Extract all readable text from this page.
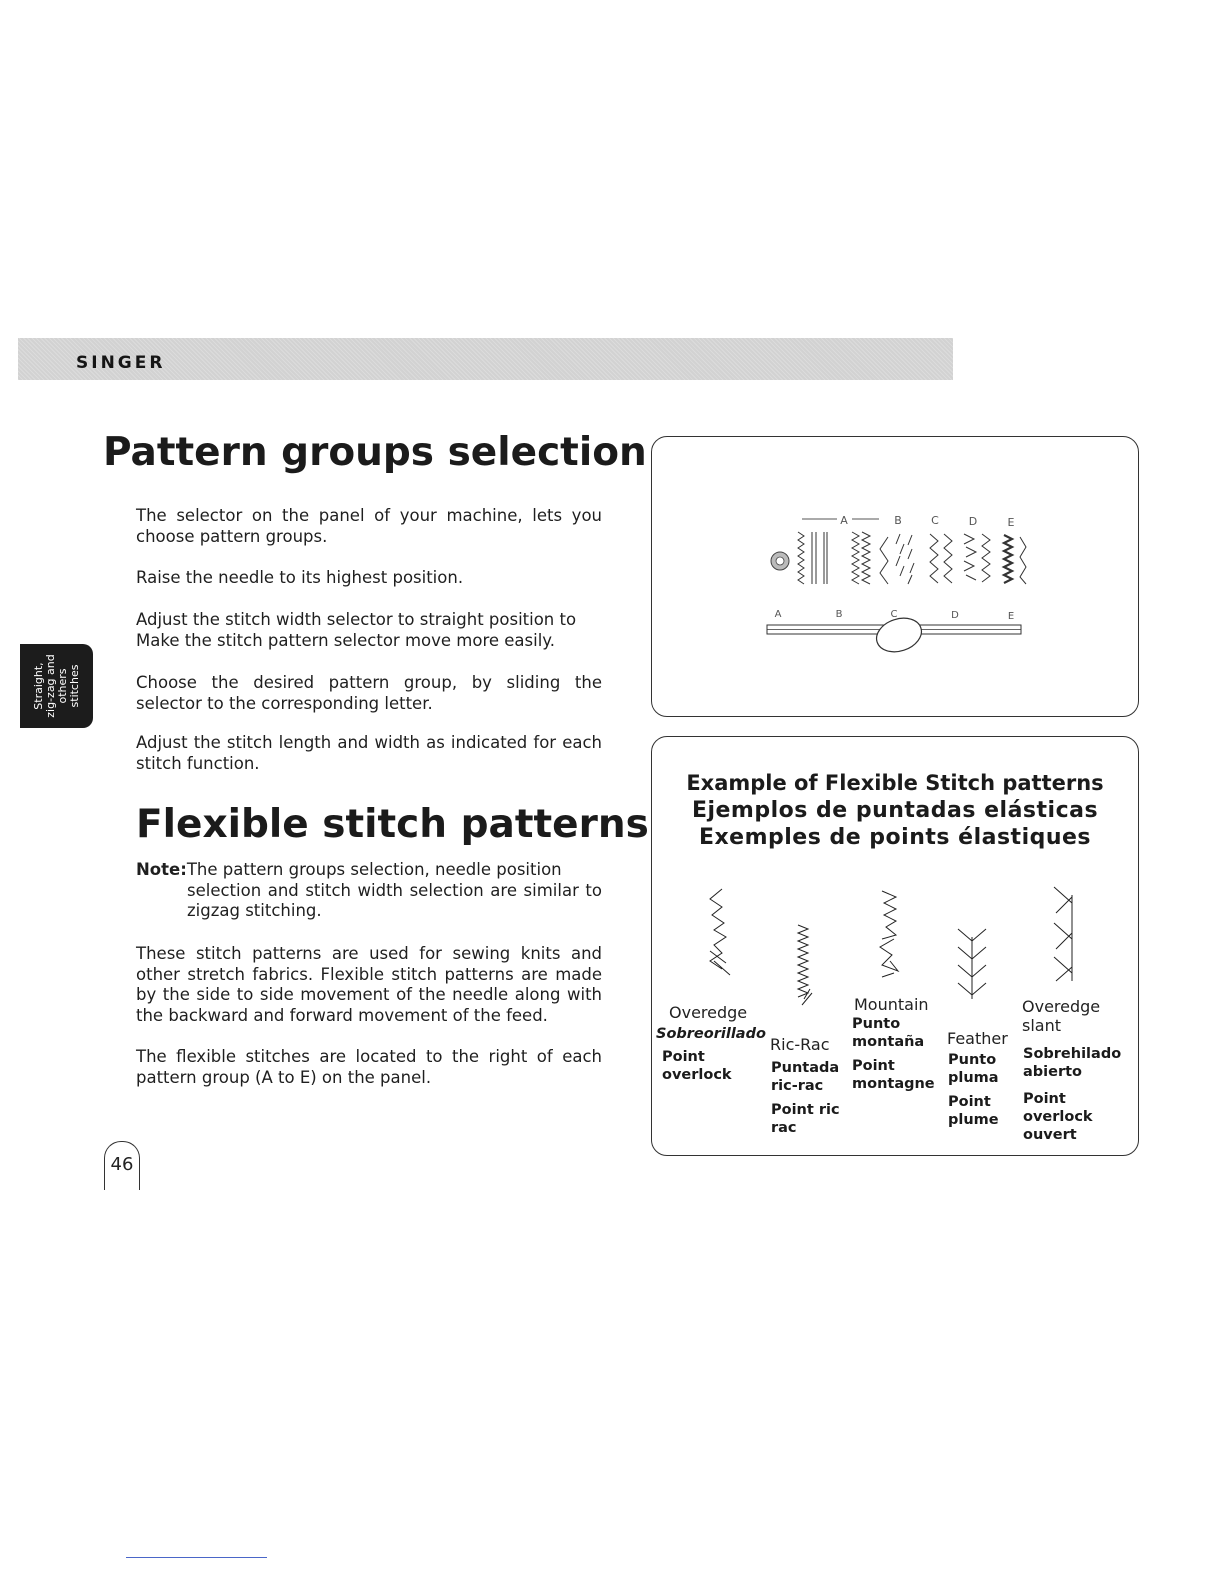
SINGER
Straight, zig-zag and others stitches
Pattern groups selection
The selector on the panel of your machine, lets you choose pattern groups.
Raise the needle to its highest position.
Adjust the stitch width selector to straight position to Make the stitch pattern selector move more easily.
Choose the desired pattern group, by sliding the selector to the corresponding letter.
Adjust the stitch length and width as indicated for each stitch function.
Flexible stitch patterns
Note:The pattern groups selection, needle position
selection and stitch width selection are similar to zigzag stitching.
These stitch patterns are used for sewing knits and other stretch fabrics. Flexible stitch patterns are made by the side to side movement of the needle along with the backward and forward movement of the feed.
The flexible stitches are located to the right of each pattern group (A to E) on the panel.
46
A	B	C	D	E
A	B	C	D	E
Example of Flexible Stitch patterns
Ejemplos de puntadas elásticas
Exemples de points élastiques
Overedge
Sobreorillado
Point overlock
Ric-Rac
Puntada ric-rac
Point ric rac
Mountain
Punto montaña
Point montagne
Feather
Punto pluma
Point plume
Overedge slant
Sobrehilado abierto
Point overlock ouvert
